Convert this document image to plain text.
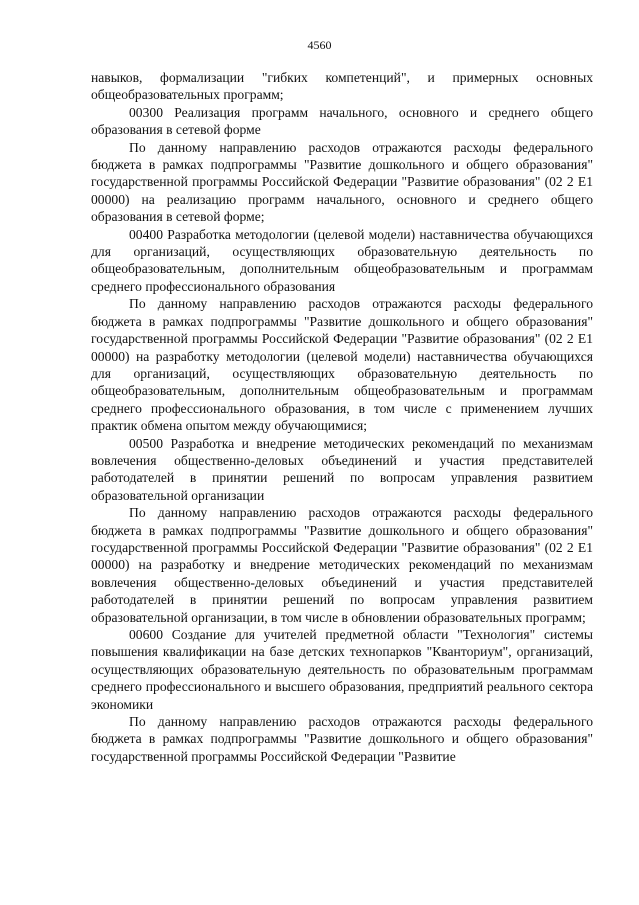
4560

навыков, формализации "гибких компетенций", и примерных основных общеобразовательных программ;

00300 Реализация программ начального, основного и среднего общего образования в сетевой форме

По данному направлению расходов отражаются расходы федерального бюджета в рамках подпрограммы "Развитие дошкольного и общего образования" государственной программы Российской Федерации "Развитие образования" (02 2 E1 00000) на реализацию программ начального, основного и среднего общего образования в сетевой форме;

00400 Разработка методологии (целевой модели) наставничества обучающихся для организаций, осуществляющих образовательную деятельность по общеобразовательным, дополнительным общеобразовательным и программам среднего профессионального образования

По данному направлению расходов отражаются расходы федерального бюджета в рамках подпрограммы "Развитие дошкольного и общего образования" государственной программы Российской Федерации "Развитие образования" (02 2 E1 00000) на разработку методологии (целевой модели) наставничества обучающихся для организаций, осуществляющих образовательную деятельность по общеобразовательным, дополнительным общеобразовательным и программам среднего профессионального образования, в том числе с применением лучших практик обмена опытом между обучающимися;

00500 Разработка и внедрение методических рекомендаций по механизмам вовлечения общественно-деловых объединений и участия представителей работодателей в принятии решений по вопросам управления развитием образовательной организации

По данному направлению расходов отражаются расходы федерального бюджета в рамках подпрограммы "Развитие дошкольного и общего образования" государственной программы Российской Федерации "Развитие образования" (02 2 E1 00000) на разработку и внедрение методических рекомендаций по механизмам вовлечения общественно-деловых объединений и участия представителей работодателей в принятии решений по вопросам управления развитием образовательной организации, в том числе в обновлении образовательных программ;

00600 Создание для учителей предметной области "Технология" системы повышения квалификации на базе детских технопарков "Кванториум", организаций, осуществляющих образовательную деятельность по образовательным программам среднего профессионального и высшего образования, предприятий реального сектора экономики

По данному направлению расходов отражаются расходы федерального бюджета в рамках подпрограммы "Развитие дошкольного и общего образования" государственной программы Российской Федерации "Развитие
